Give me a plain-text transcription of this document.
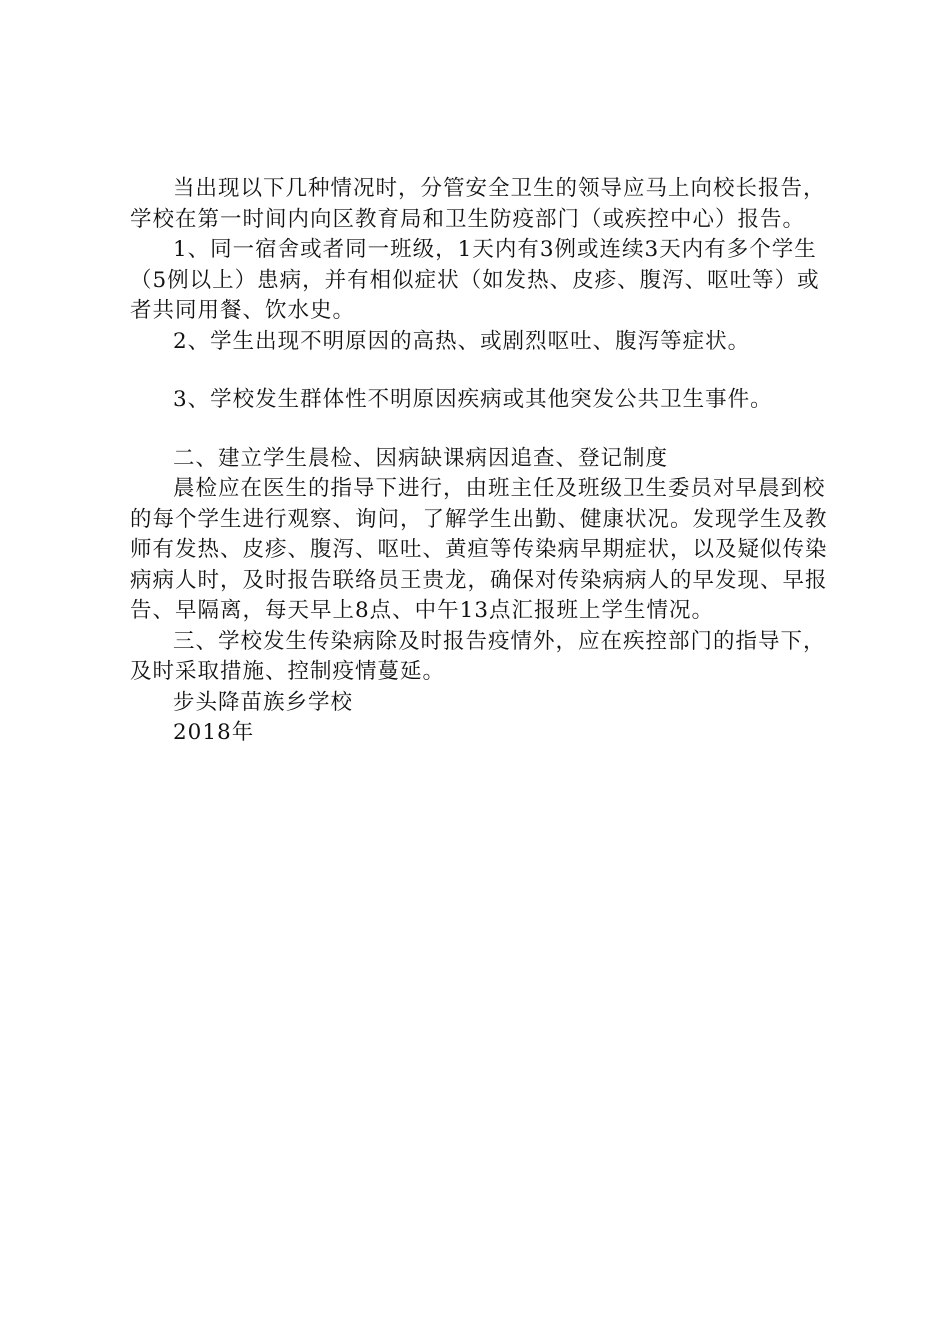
当出现以下几种情况时，分管安全卫生的领导应马上向校长报告，学校在第一时间内向区教育局和卫生防疫部门（或疾控中心）报告。

1、同一宿舍或者同一班级，1天内有3例或连续3天内有多个学生（5例以上）患病，并有相似症状（如发热、皮疹、腹泻、呕吐等）或者共同用餐、饮水史。

2、学生出现不明原因的高热、或剧烈呕吐、腹泻等症状。

3、学校发生群体性不明原因疾病或其他突发公共卫生事件。

二、建立学生晨检、因病缺课病因追查、登记制度

晨检应在医生的指导下进行，由班主任及班级卫生委员对早晨到校的每个学生进行观察、询问，了解学生出勤、健康状况。发现学生及教师有发热、皮疹、腹泻、呕吐、黄疸等传染病早期症状，以及疑似传染病病人时，及时报告联络员王贵龙，确保对传染病病人的早发现、早报告、早隔离，每天早上8点、中午13点汇报班上学生情况。

三、学校发生传染病除及时报告疫情外，应在疾控部门的指导下，及时采取措施、控制疫情蔓延。

步头降苗族乡学校

2018年
